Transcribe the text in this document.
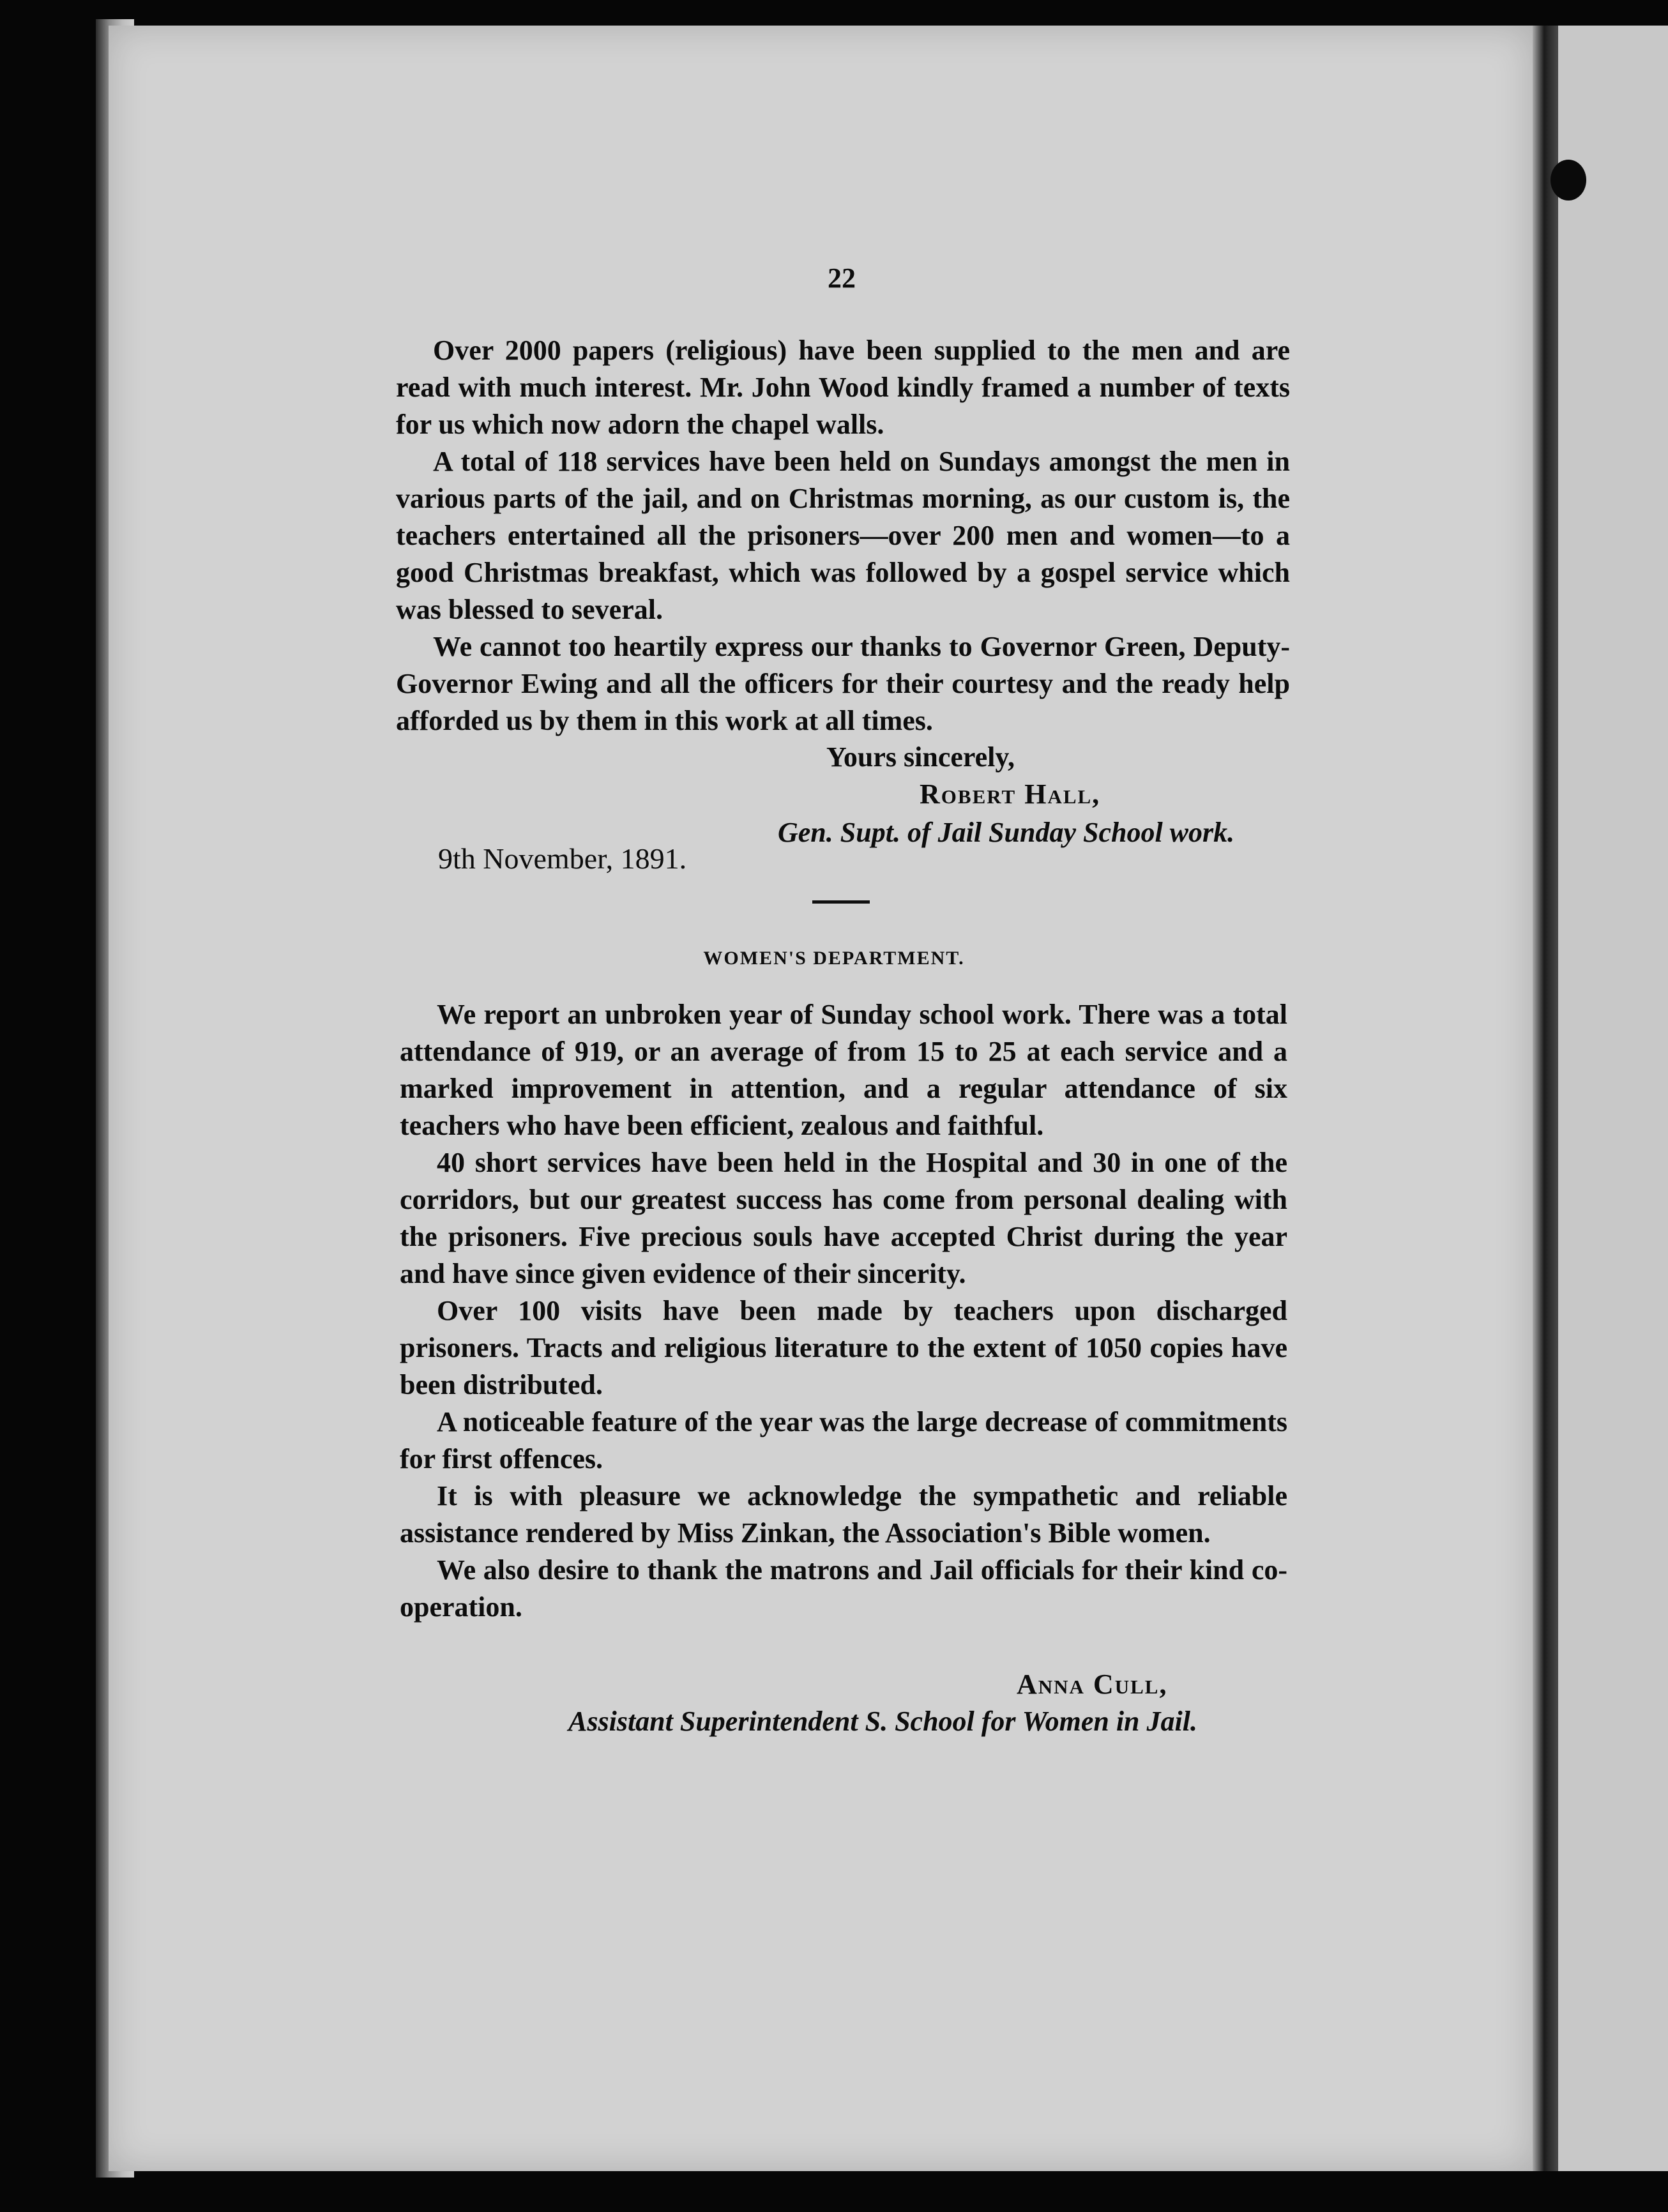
22

Over 2000 papers (religious) have been supplied to the men and are read with much interest. Mr. John Wood kindly framed a number of texts for us which now adorn the chapel walls.

A total of 118 services have been held on Sundays amongst the men in various parts of the jail, and on Christmas morning, as our custom is, the teachers entertained all the prisoners—over 200 men and women—to a good Christmas breakfast, which was followed by a gospel service which was blessed to several.

We cannot too heartily express our thanks to Governor Green, Deputy-Governor Ewing and all the officers for their courtesy and the ready help afforded us by them in this work at all times.

Yours sincerely,
Robert Hall,
Gen. Supt. of Jail Sunday School work.
9th November, 1891.
WOMEN'S DEPARTMENT.

We report an unbroken year of Sunday school work. There was a total attendance of 919, or an average of from 15 to 25 at each service and a marked improvement in attention, and a regular attendance of six teachers who have been efficient, zealous and faithful.

40 short services have been held in the Hospital and 30 in one of the corridors, but our greatest success has come from personal dealing with the prisoners. Five precious souls have accepted Christ during the year and have since given evidence of their sincerity.

Over 100 visits have been made by teachers upon discharged prisoners. Tracts and religious literature to the extent of 1050 copies have been distributed.

A noticeable feature of the year was the large decrease of commitments for first offences.

It is with pleasure we acknowledge the sympathetic and reliable assistance rendered by Miss Zinkan, the Association's Bible women.

We also desire to thank the matrons and Jail officials for their kind co-operation.

Anna Cull,
Assistant Superintendent S. School for Women in Jail.
